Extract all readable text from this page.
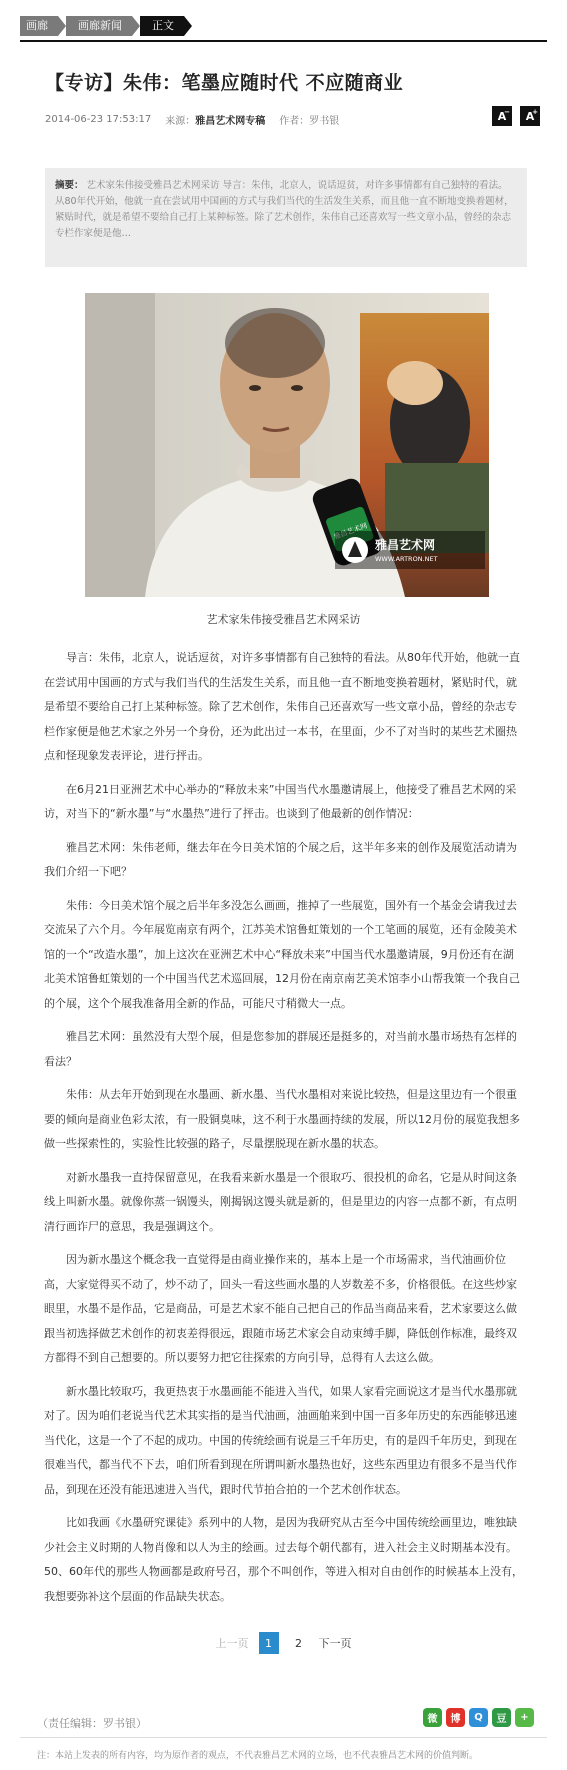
画廊	画廊新闻	正文
【专访】朱伟：笔墨应随时代 不应随商业
2014-06-23 17:53:17 来源：雅昌艺术网专稿 作者：罗书银	A
− A
+
摘要： 艺术家朱伟接受雅昌艺术网采访 导言：朱伟，北京人，说话逗贫，对许多事情都有自己独特的看法。从80年代开始，他就一直在尝试用中国画的方式与我们当代的生活发生关系，而且他一直不断地变换着题材，紧贴时代，就是希望不要给自己打上某种标签。除了艺术创作，朱伟自己还喜欢写一些文章小品，曾经的杂志专栏作家便是他…
雅昌艺术网
WWW.ARTRON.NET
艺术家朱伟接受雅昌艺术网采访

导言：朱伟，北京人，说话逗贫，对许多事情都有自己独特的看法。从80年代开始，他就一直在尝试用中国画的方式与我们当代的生活发生关系，而且他一直不断地变换着题材，紧贴时代，就是希望不要给自己打上某种标签。除了艺术创作，朱伟自己还喜欢写一些文章小品，曾经的杂志专栏作家便是他艺术家之外另一个身份，还为此出过一本书，在里面，少不了对当时的某些艺术圈热点和怪现象发表评论，进行抨击。

在6月21日亚洲艺术中心举办的“释放未来”中国当代水墨邀请展上，他接受了雅昌艺术网的采访，对当下的“新水墨”与“水墨热”进行了抨击。也谈到了他最新的创作情况：

雅昌艺术网：朱伟老师，继去年在今日美术馆的个展之后，这半年多来的创作及展览活动请为我们介绍一下吧？

朱伟：今日美术馆个展之后半年多没怎么画画，推掉了一些展览，国外有一个基金会请我过去交流呆了六个月。今年展览南京有两个，江苏美术馆鲁虹策划的一个工笔画的展览，还有金陵美术馆的一个“改造水墨”，加上这次在亚洲艺术中心“释放未来”中国当代水墨邀请展，9月份还有在湖北美术馆鲁虹策划的一个中国当代艺术巡回展，12月份在南京南艺美术馆李小山帮我策一个我自己的个展，这个个展我准备用全新的作品，可能尺寸稍微大一点。

雅昌艺术网：虽然没有大型个展，但是您参加的群展还是挺多的，对当前水墨市场热有怎样的看法？

朱伟：从去年开始到现在水墨画、新水墨、当代水墨相对来说比较热，但是这里边有一个很重要的倾向是商业色彩太浓，有一股铜臭味，这不利于水墨画持续的发展，所以12月份的展览我想多做一些探索性的，实验性比较强的路子，尽量摆脱现在新水墨的状态。

对新水墨我一直持保留意见，在我看来新水墨是一个很取巧、很投机的命名，它是从时间这条线上叫新水墨。就像你蒸一锅馒头，刚揭锅这馒头就是新的，但是里边的内容一点都不新，有点明清行画诈尸的意思，我是强调这个。

因为新水墨这个概念我一直觉得是由商业操作来的，基本上是一个市场需求，当代油画价位高，大家觉得买不动了，炒不动了，回头一看这些画水墨的人岁数差不多，价格很低。在这些炒家眼里，水墨不是作品，它是商品，可是艺术家不能自己把自己的作品当商品来看，艺术家要这么做跟当初选择做艺术创作的初衷差得很远，跟随市场艺术家会自动束缚手脚，降低创作标准，最终双方都得不到自己想要的。所以要努力把它往探索的方向引导，总得有人去这么做。

新水墨比较取巧，我更热衷于水墨画能不能进入当代，如果人家看完画说这才是当代水墨那就对了。因为咱们老说当代艺术其实指的是当代油画，油画舶来到中国一百多年历史的东西能够迅速当代化，这是一个了不起的成功。中国的传统绘画有说是三千年历史，有的是四千年历史，到现在很难当代，都当代不下去，咱们所看到现在所谓叫新水墨热也好，这些东西里边有很多不是当代作品，到现在还没有能迅速进入当代，跟时代节拍合拍的一个艺术创作状态。

比如我画《水墨研究课徒》系列中的人物，是因为我研究从古至今中国传统绘画里边，唯独缺少社会主义时期的人物肖像和以人为主的绘画。过去每个朝代都有，进入社会主义时期基本没有。50、60年代的那些人物画都是政府号召，那个不叫创作，等进入相对自由创作的时候基本上没有，我想要弥补这个层面的作品缺失状态。

上一页	1	2	下一页
（责任编辑：罗书银）	微	博	Q	豆	+
注：本站上发表的所有内容，均为原作者的观点，不代表雅昌艺术网的立场，也不代表雅昌艺术网的价值判断。
